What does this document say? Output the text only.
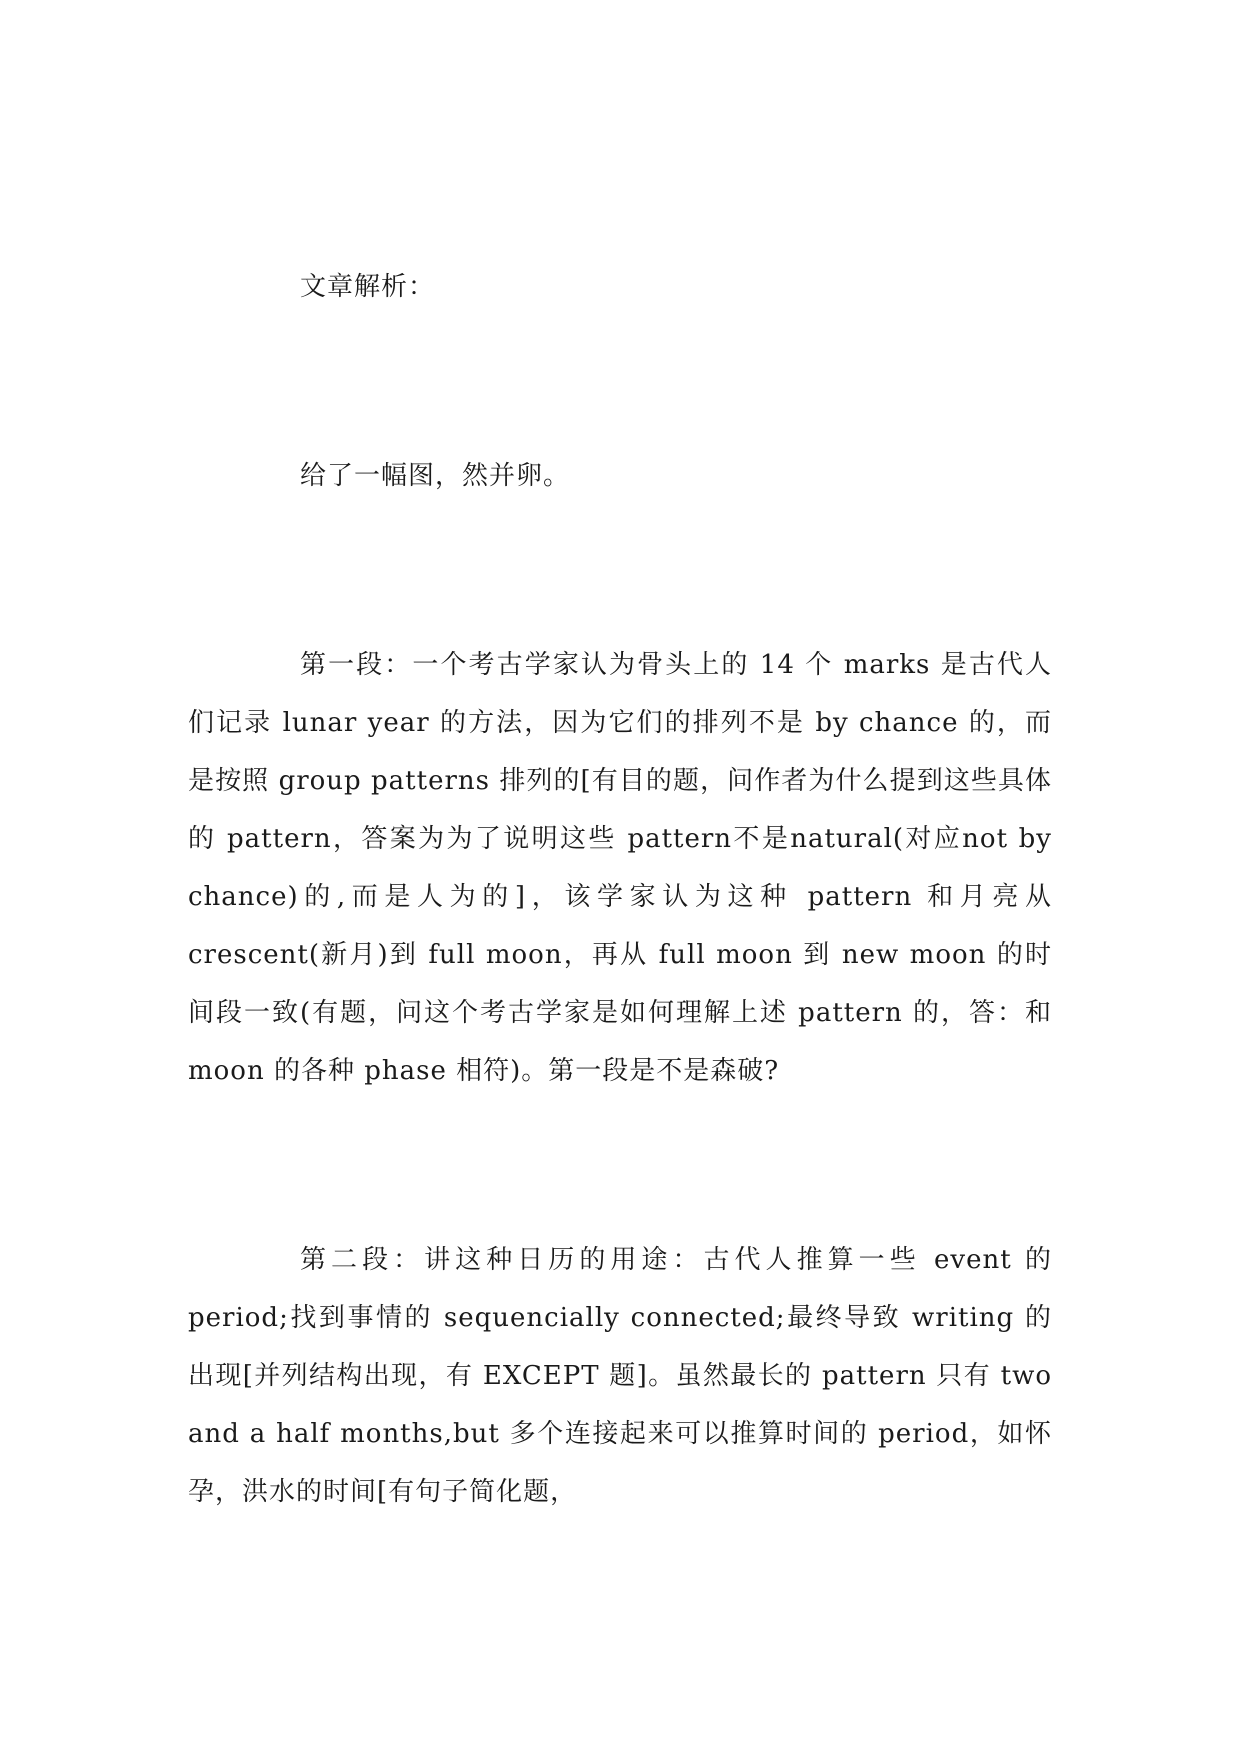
文章解析：

给了一幅图，然并卵。

第一段：一个考古学家认为骨头上的 14 个 marks 是古代人们记录 lunar year 的方法，因为它们的排列不是 by chance 的，而是按照 group patterns 排列的[有目的题，问作者为什么提到这些具体的 pattern，答案为为了说明这些 pattern不是natural(对应not by chance)的,而是人为的]，该学家认为这种 pattern 和月亮从 crescent(新月)到 full moon，再从 full moon 到 new moon 的时间段一致(有题，问这个考古学家是如何理解上述 pattern 的，答：和 moon 的各种 phase 相符)。第一段是不是森破?

第二段：讲这种日历的用途：古代人推算一些 event 的 period;找到事情的 sequencially connected;最终导致 writing 的出现[并列结构出现，有 EXCEPT 题]。虽然最长的 pattern 只有 two and a half months,but 多个连接起来可以推算时间的 period，如怀孕，洪水的时间[有句子简化题，
